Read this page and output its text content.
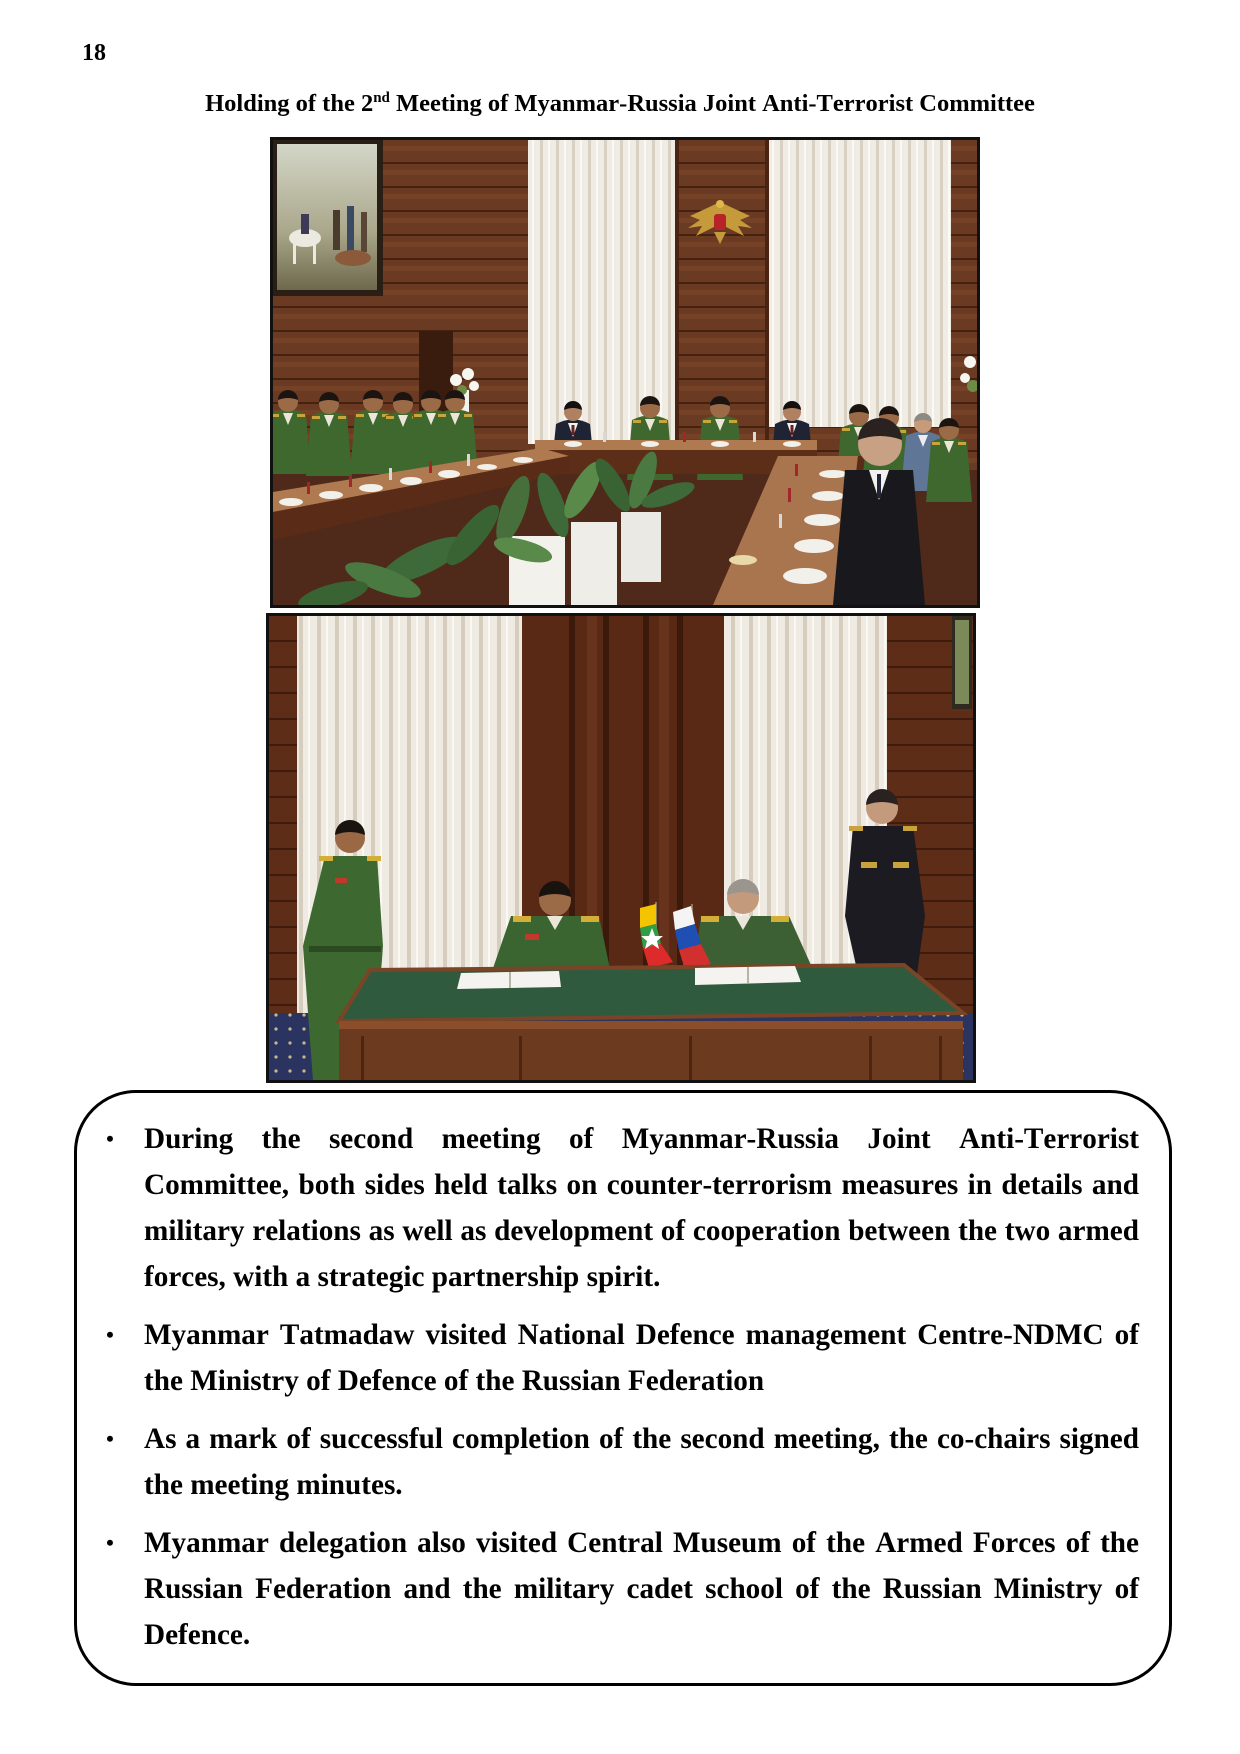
18
Holding of the 2nd Meeting of Myanmar-Russia Joint Anti-Terrorist Committee
•
During the second meeting of Myanmar-Russia Joint Anti-Terrorist Committee, both sides held talks on counter-terrorism measures in details and military relations as well as development of cooperation between the two armed forces, with a strategic partnership spirit.
•
Myanmar Tatmadaw visited National Defence management Centre-NDMC of the Ministry of Defence of the Russian Federation
•
As a mark of successful completion of the second meeting, the co-chairs signed the meeting minutes.
•
Myanmar delegation also visited Central Museum of the Armed Forces of the Russian Federation and the military cadet school of the Russian Ministry of Defence.
